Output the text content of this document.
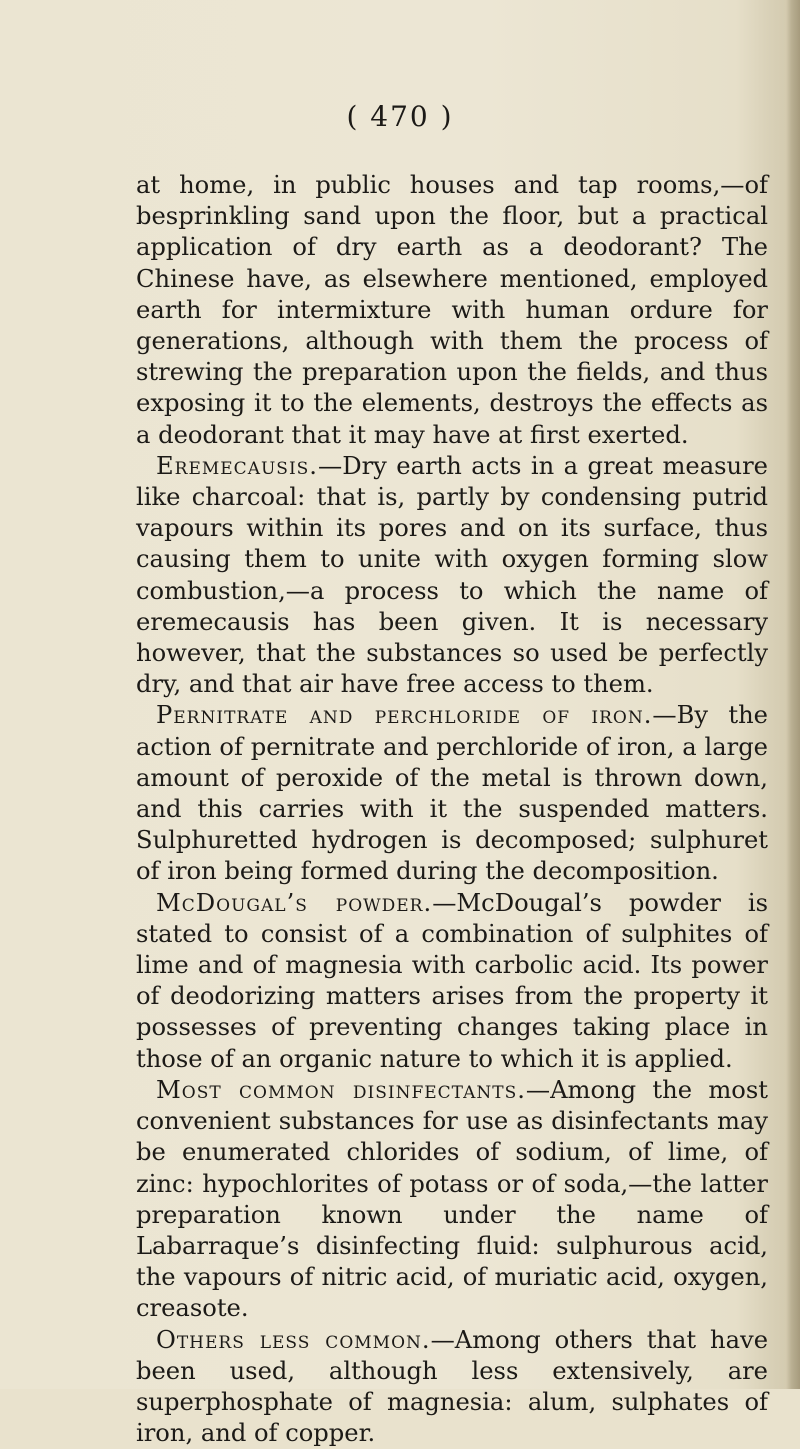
( 470 )

at home, in public houses and tap rooms,—of besprinkling sand upon the floor, but a practical application of dry earth as a deodorant? The Chinese have, as elsewhere mentioned, employed earth for intermixture with human ordure for generations, although with them the process of strewing the preparation upon the fields, and thus exposing it to the elements, destroys the effects as a deodorant that it may have at first exerted.

Eremecausis.—Dry earth acts in a great measure like charcoal: that is, partly by condensing putrid vapours within its pores and on its surface, thus causing them to unite with oxygen forming slow combustion,—a process to which the name of eremecausis has been given. It is necessary however, that the substances so used be perfectly dry, and that air have free access to them.

Pernitrate and perchloride of iron.—By the action of pernitrate and perchloride of iron, a large amount of peroxide of the metal is thrown down, and this carries with it the suspended matters. Sulphuretted hydrogen is decomposed; sulphuret of iron being formed during the decomposition.

McDougal’s powder.—McDougal’s powder is stated to consist of a combination of sulphites of lime and of magnesia with carbolic acid. Its power of deodorizing matters arises from the property it possesses of preventing changes taking place in those of an organic nature to which it is applied.

Most common disinfectants.—Among the most convenient substances for use as disinfectants may be enumerated chlorides of sodium, of lime, of zinc: hypochlorites of potass or of soda,—the latter preparation known under the name of Labarraque’s disinfecting fluid: sulphurous acid, the vapours of nitric acid, of muriatic acid, oxygen, creasote.

Others less common.—Among others that have been used, although less extensively, are superphosphate of magnesia: alum, sulphates of iron, and of copper.
